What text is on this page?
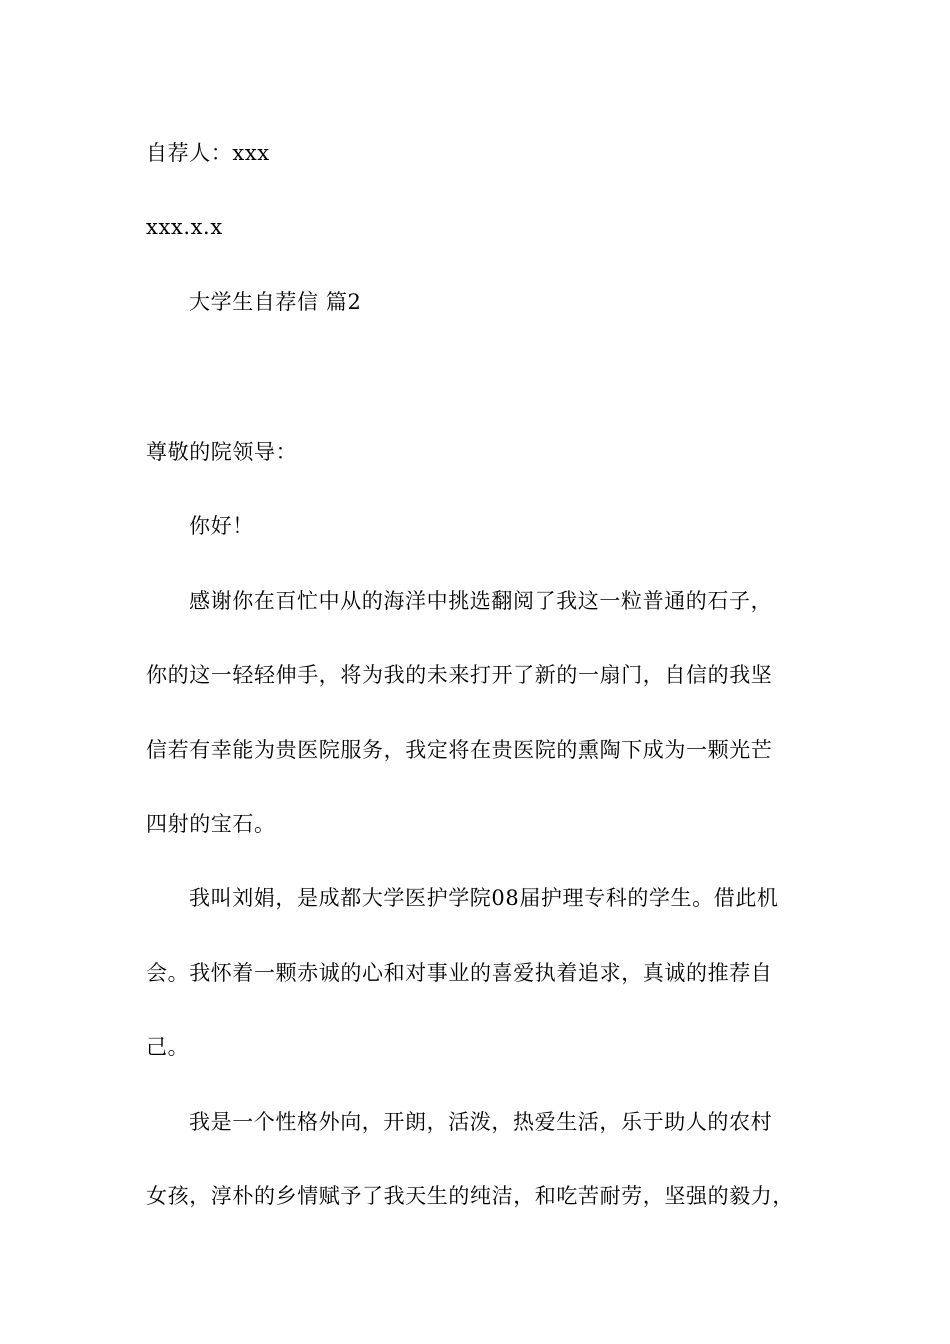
自荐人：xxx
xxx.x.x
大学生自荐信 篇2
尊敬的院领导：
你好！
感谢你在百忙中从的海洋中挑选翻阅了我这一粒普通的石子，
你的这一轻轻伸手，将为我的未来打开了新的一扇门，自信的我坚
信若有幸能为贵医院服务，我定将在贵医院的熏陶下成为一颗光芒
四射的宝石。
我叫刘娟，是成都大学医护学院08届护理专科的学生。借此机
会。我怀着一颗赤诚的心和对事业的喜爱执着追求，真诚的推荐自
己。
我是一个性格外向，开朗，活泼，热爱生活，乐于助人的农村
女孩，淳朴的乡情赋予了我天生的纯洁，和吃苦耐劳，坚强的毅力，
